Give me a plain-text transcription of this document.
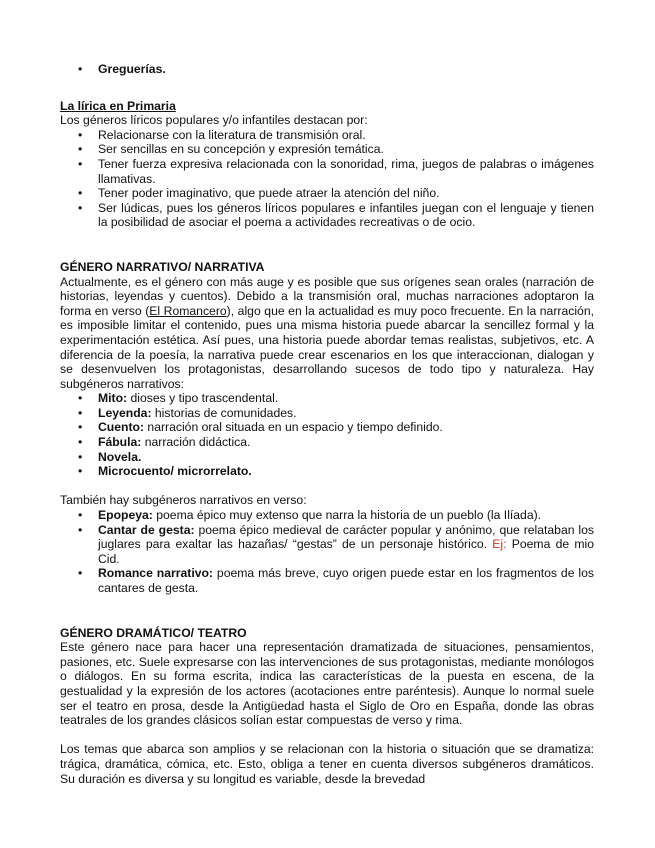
• Greguerías.
La lírica en Primaria
Los géneros líricos populares y/o infantiles destacan por:
• Relacionarse con la literatura de transmisión oral.
• Ser sencillas en su concepción y expresión temática.
• Tener fuerza expresiva relacionada con la sonoridad, rima, juegos de palabras o imágenes llamativas.
• Tener poder imaginativo, que puede atraer la atención del niño.
• Ser lúdicas, pues los géneros líricos populares e infantiles juegan con el lenguaje y tienen la posibilidad de asociar el poema a actividades recreativas o de ocio.
GÉNERO NARRATIVO/ NARRATIVA
Actualmente, es el género con más auge y es posible que sus orígenes sean orales (narración de historias, leyendas y cuentos). Debido a la transmisión oral, muchas narraciones adoptaron la forma en verso (El Romancero), algo que en la actualidad es muy poco frecuente. En la narración, es imposible limitar el contenido, pues una misma historia puede abarcar la sencillez formal y la experimentación estética. Así pues, una historia puede abordar temas realistas, subjetivos, etc. A diferencia de la poesía, la narrativa puede crear escenarios en los que interaccionan, dialogan y se desenvuelven los protagonistas, desarrollando sucesos de todo tipo y naturaleza. Hay subgéneros narrativos:
• Mito: dioses y tipo trascendental.
• Leyenda: historias de comunidades.
• Cuento: narración oral situada en un espacio y tiempo definido.
• Fábula: narración didáctica.
• Novela.
• Microcuento/ microrrelato.
También hay subgéneros narrativos en verso:
• Epopeya: poema épico muy extenso que narra la historia de un pueblo (la Ilíada).
• Cantar de gesta: poema épico medieval de carácter popular y anónimo, que relataban los juglares para exaltar las hazañas/ “gestas” de un personaje histórico. Ej: Poema de mio Cid.
• Romance narrativo: poema más breve, cuyo origen puede estar en los fragmentos de los cantares de gesta.
GÉNERO DRAMÁTICO/ TEATRO
Este género nace para hacer una representación dramatizada de situaciones, pensamientos, pasiones, etc. Suele expresarse con las intervenciones de sus protagonistas, mediante monólogos o diálogos. En su forma escrita, indica las características de la puesta en escena, de la gestualidad y la expresión de los actores (acotaciones entre paréntesis). Aunque lo normal suele ser el teatro en prosa, desde la Antigüedad hasta el Siglo de Oro en España, donde las obras teatrales de los grandes clásicos solían estar compuestas de verso y rima.
Los temas que abarca son amplios y se relacionan con la historia o situación que se dramatiza: trágica, dramática, cómica, etc. Esto, obliga a tener en cuenta diversos subgéneros dramáticos. Su duración es diversa y su longitud es variable, desde la brevedad
